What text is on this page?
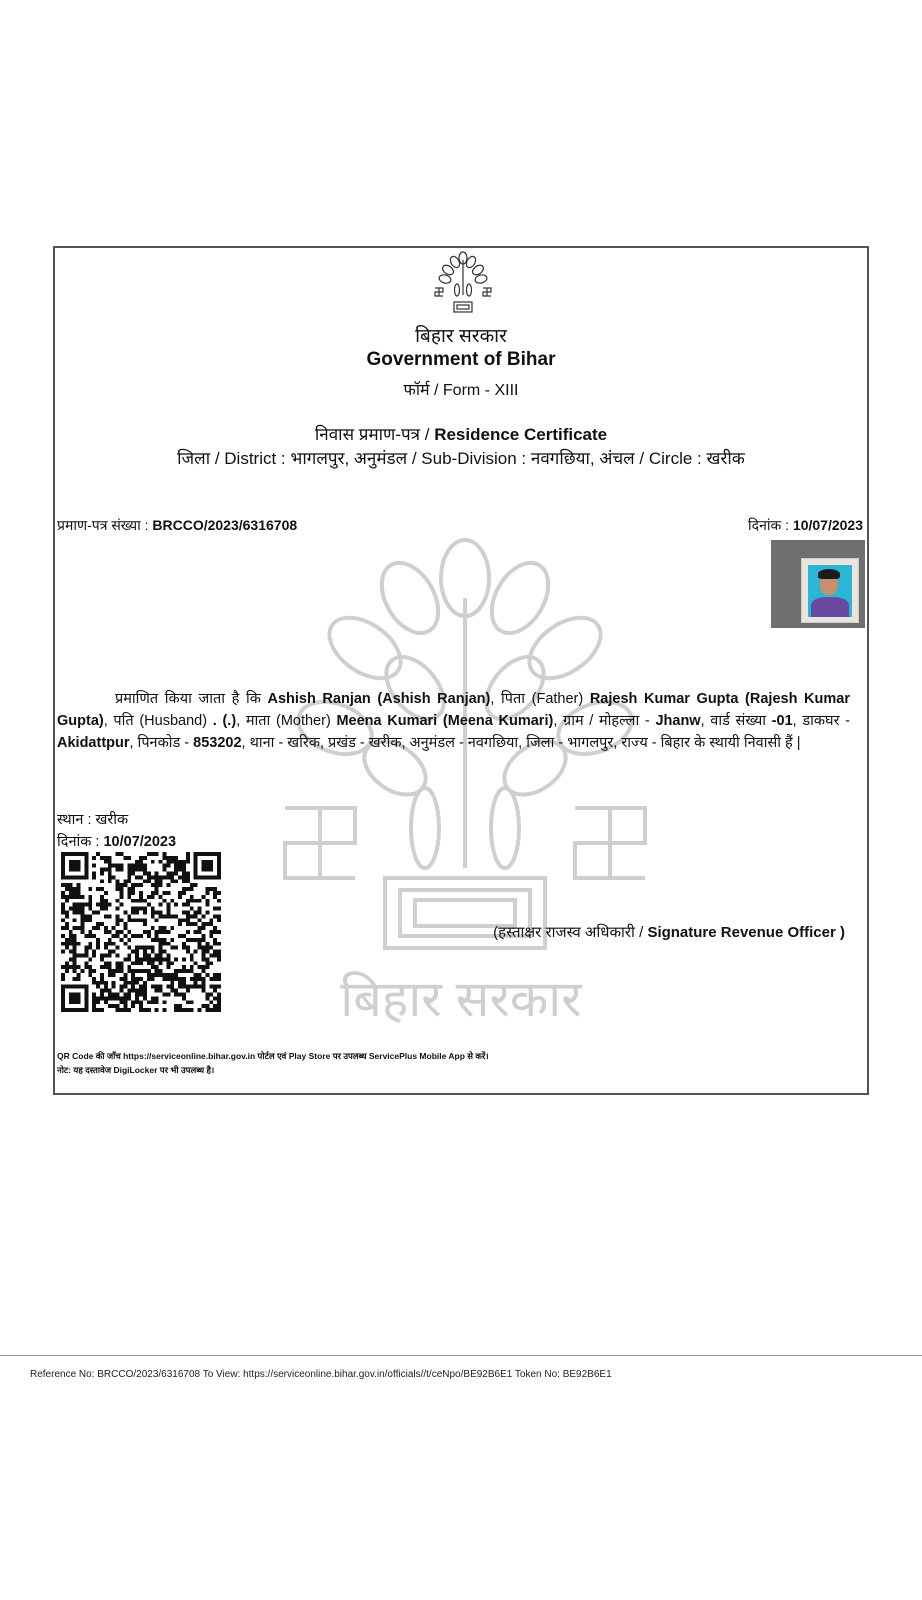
बिहार सरकार
बिहार सरकार
Government of Bihar
फॉर्म / Form - XIII
निवास प्रमाण-पत्र / Residence Certificate
जिला / District : भागलपुर, अनुमंडल / Sub-Division : नवगछिया, अंचल / Circle : खरीक
प्रमाण-पत्र संख्या : BRCCO/2023/6316708	दिनांक : 10/07/2023
प्रमाणित किया जाता है कि Ashish Ranjan (Ashish Ranjan), पिता (Father) Rajesh Kumar Gupta (Rajesh Kumar Gupta), पति (Husband) . (.), माता (Mother) Meena Kumari (Meena Kumari), ग्राम / मोहल्ला - Jhanw, वार्ड संख्या -01, डाकघर - Akidattpur, पिनकोड - 853202, थाना - खरिक, प्रखंड - खरीक, अनुमंडल - नवगछिया, जिला - भागलपुर, राज्य - बिहार के स्थायी निवासी हैं |
स्थान : खरीक
दिनांक : 10/07/2023
(हस्ताक्षर राजस्व अधिकारी / Signature Revenue Officer )
QR Code की जाँच https://serviceonline.bihar.gov.in पोर्टल एवं Play Store पर उपलब्ध ServicePlus Mobile App से करें।
नोट: यह दस्तावेज DigiLocker पर भी उपलब्ध है।
Reference No: BRCCO/2023/6316708 To View: https://serviceonline.bihar.gov.in/officials//t/ceNpo/BE92B6E1 Token No: BE92B6E1
